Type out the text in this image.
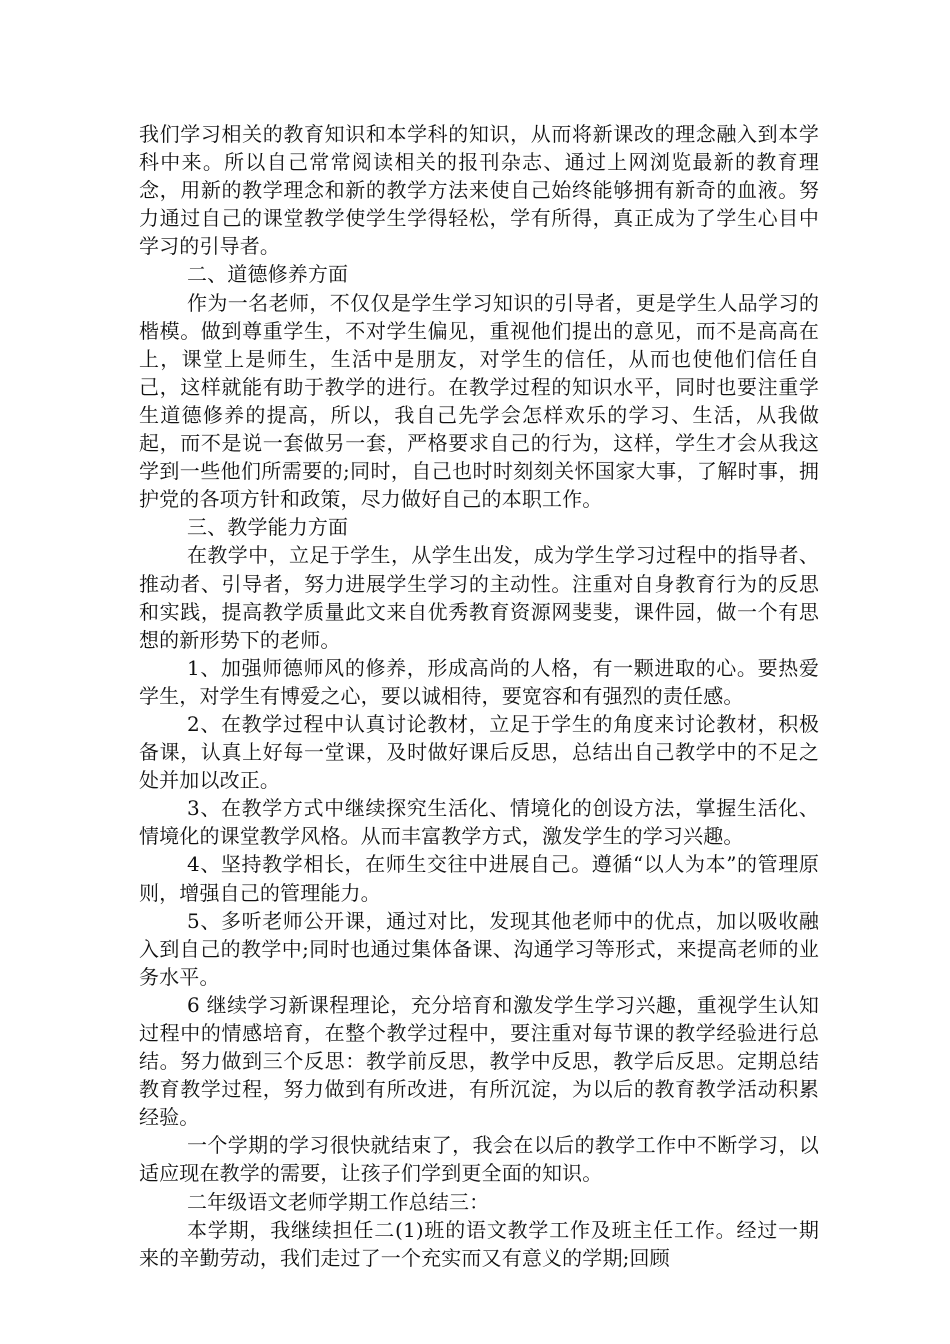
我们学习相关的教育知识和本学科的知识，从而将新课改的理念融入到本学科中来。所以自己常常阅读相关的报刊杂志、通过上网浏览最新的教育理念，用新的教学理念和新的教学方法来使自己始终能够拥有新奇的血液。努力通过自己的课堂教学使学生学得轻松，学有所得，真正成为了学生心目中学习的引导者。

二、道德修养方面

作为一名老师，不仅仅是学生学习知识的引导者，更是学生人品学习的楷模。做到尊重学生，不对学生偏见，重视他们提出的意见，而不是高高在上，课堂上是师生，生活中是朋友，对学生的信任，从而也使他们信任自己，这样就能有助于教学的进行。在教学过程的知识水平，同时也要注重学生道德修养的提高，所以，我自己先学会怎样欢乐的学习、生活，从我做起，而不是说一套做另一套，严格要求自己的行为，这样，学生才会从我这学到一些他们所需要的;同时，自己也时时刻刻关怀国家大事，了解时事，拥护党的各项方针和政策，尽力做好自己的本职工作。

三、教学能力方面

在教学中，立足于学生，从学生出发，成为学生学习过程中的指导者、推动者、引导者，努力进展学生学习的主动性。注重对自身教育行为的反思和实践，提高教学质量此文来自优秀教育资源网斐斐，课件园，做一个有思想的新形势下的老师。

1、加强师德师风的修养，形成高尚的人格，有一颗进取的心。要热爱学生，对学生有博爱之心，要以诚相待，要宽容和有强烈的责任感。

2、在教学过程中认真讨论教材，立足于学生的角度来讨论教材，积极备课，认真上好每一堂课，及时做好课后反思，总结出自己教学中的不足之处并加以改正。

3、在教学方式中继续探究生活化、情境化的创设方法，掌握生活化、情境化的课堂教学风格。从而丰富教学方式，激发学生的学习兴趣。

4、坚持教学相长，在师生交往中进展自己。遵循“以人为本”的管理原则，增强自己的管理能力。

5、多听老师公开课，通过对比，发现其他老师中的优点，加以吸收融入到自己的教学中;同时也通过集体备课、沟通学习等形式，来提高老师的业务水平。

6 继续学习新课程理论，充分培育和激发学生学习兴趣，重视学生认知过程中的情感培育，在整个教学过程中，要注重对每节课的教学经验进行总结。努力做到三个反思：教学前反思，教学中反思，教学后反思。定期总结教育教学过程，努力做到有所改进，有所沉淀，为以后的教育教学活动积累经验。

一个学期的学习很快就结束了，我会在以后的教学工作中不断学习，以适应现在教学的需要，让孩子们学到更全面的知识。

二年级语文老师学期工作总结三：

本学期，我继续担任二(1)班的语文教学工作及班主任工作。经过一期来的辛勤劳动，我们走过了一个充实而又有意义的学期;回顾
